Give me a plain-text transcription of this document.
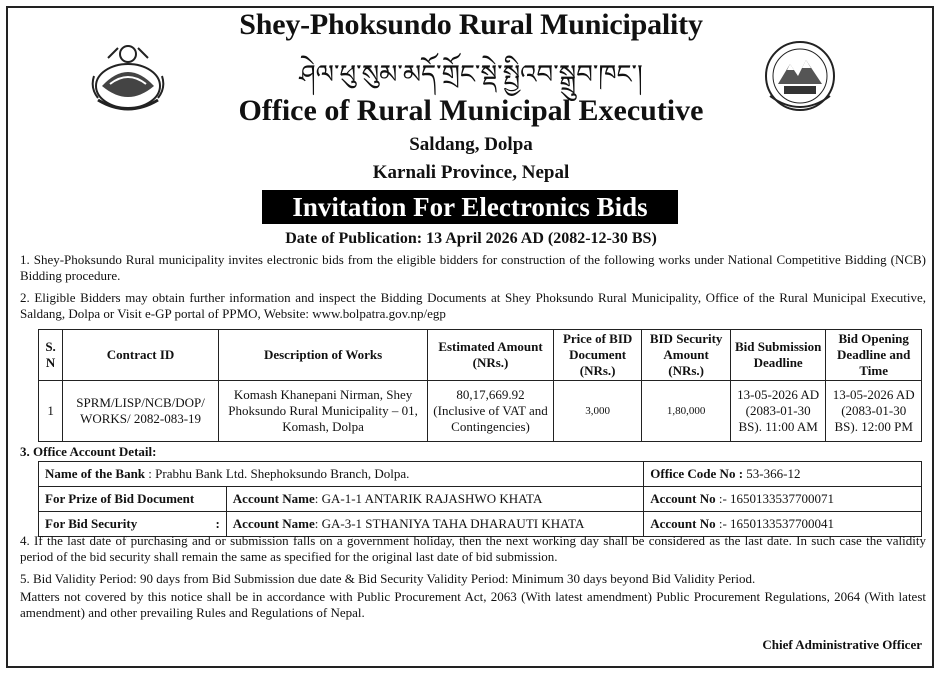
Shey-Phoksundo Rural Municipality
ཤེལ་ཕུ་སུམ་མདོ་གྲོང་སྡེ་སྤྱིའབ་སྒྲུབ་ཁང་།
Office of Rural Municipal Executive
Saldang, Dolpa
Karnali Province, Nepal
Invitation For Electronics Bids
Date of Publication: 13 April 2026 AD (2082-12-30 BS)
1. Shey-Phoksundo Rural municipality invites electronic bids from the eligible bidders for construction of the following works under National Competitive Bidding (NCB) Bidding procedure.
2. Eligible Bidders may obtain further information and inspect the Bidding Documents at Shey Phoksundo Rural Municipality, Office of the Rural Municipal Executive, Saldang, Dolpa or Visit e-GP portal of PPMO, Website: www.bolpatra.gov.np/egp
S. N	Contract ID	Description of Works	Estimated Amount (NRs.)	Price of BID Document (NRs.)	BID Security Amount (NRs.)	Bid Submission Deadline	Bid Opening Deadline and Time
1	SPRM/LISP/NCB/DOP/ WORKS/ 2082-083-19	Komash Khanepani Nirman, Shey Phoksundo Rural Municipality – 01, Komash, Dolpa	80,17,669.92 (Inclusive of VAT and Contingencies)	3,000	1,80,000	13-05-2026 AD (2083-01-30 BS). 11:00 AM	13-05-2026 AD (2083-01-30 BS). 12:00 PM
3. Office Account Detail:
Name of the Bank : Prabhu Bank Ltd. Shephoksundo Branch, Dolpa.		Office Code No : 53-366-12
For Prize of Bid Document	Account Name: GA-1-1 ANTARIK RAJASHWO KHATA	Account No :- 1650133537700071
For Bid Security :	Account Name: GA-3-1 STHANIYA TAHA DHARAUTI KHATA	Account No :- 1650133537700041
4. If the last date of purchasing and or submission falls on a government holiday, then the next working day shall be considered as the last date. In such case the validity period of the bid security shall remain the same as specified for the original last date of bid submission.
5. Bid Validity Period: 90 days from Bid Submission due date & Bid Security Validity Period: Minimum 30 days beyond Bid Validity Period.
Matters not covered by this notice shall be in accordance with Public Procurement Act, 2063 (With latest amendment) Public Procurement Regulations, 2064 (With latest amendment) and other prevailing Rules and Regulations of Nepal.
Chief Administrative Officer
